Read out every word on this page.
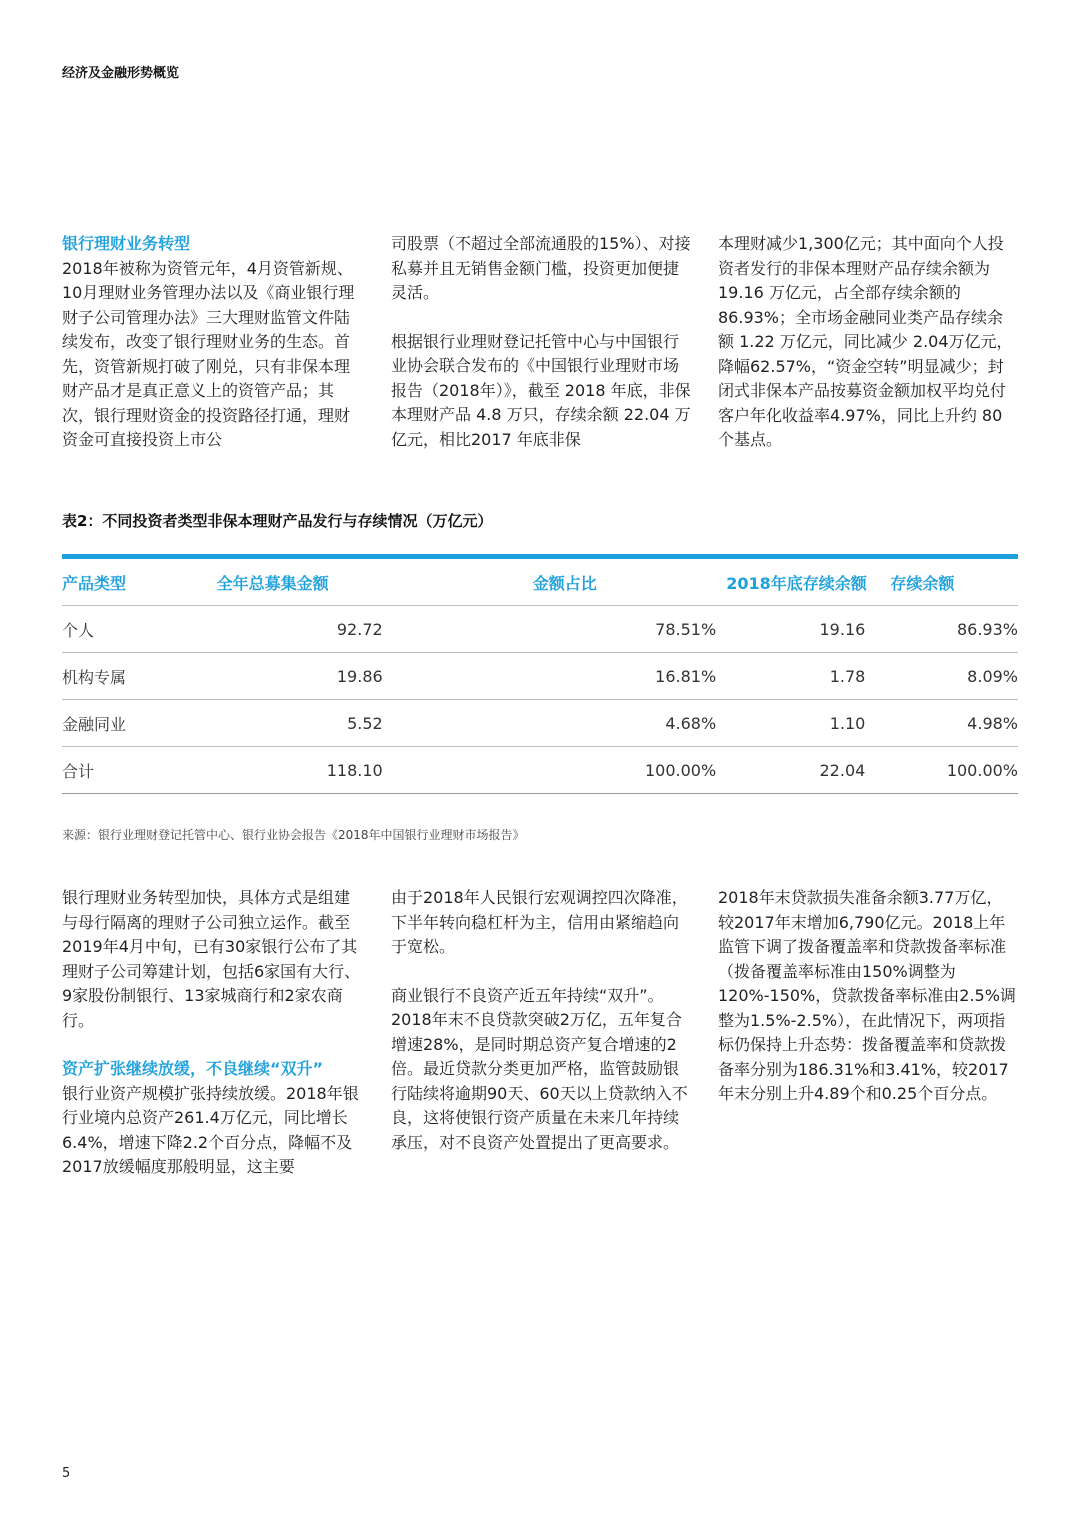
经济及金融形势概览
银行理财业务转型

2018年被称为资管元年，4月资管新规、10月理财业务管理办法以及《商业银行理财子公司管理办法》三大理财监管文件陆续发布，改变了银行理财业务的生态。首先，资管新规打破了刚兑，只有非保本理财产品才是真正意义上的资管产品；其次，银行理财资金的投资路径打通，理财资金可直接投资上市公

司股票（不超过全部流通股的15%）、对接私募并且无销售金额门槛，投资更加便捷灵活。

根据银行业理财登记托管中心与中国银行业协会联合发布的《中国银行业理财市场报告（2018年）》，截至 2018 年底，非保本理财产品 4.8 万只，存续余额 22.04 万亿元，相比2017 年底非保

本理财减少1,300亿元；其中面向个人投资者发行的非保本理财产品存续余额为19.16 万亿元，占全部存续余额的86.93%；全市场金融同业类产品存续余额 1.22 万亿元，同比减少 2.04万亿元，降幅62.57%，“资金空转”明显减少；封闭式非保本产品按募资金额加权平均兑付客户年化收益率4.97%，同比上升约 80 个基点。

表2：不同投资者类型非保本理财产品发行与存续情况（万亿元）
产品类型	全年总募集金额	金额占比	2018年底存续余额	存续余额
个人	92.72	78.51%	19.16	86.93%
机构专属	19.86	16.81%	1.78	8.09%
金融同业	5.52	4.68%	1.10	4.98%
合计	118.10	100.00%	22.04	100.00%
来源：银行业理财登记托管中心、银行业协会报告《2018年中国银行业理财市场报告》

银行理财业务转型加快，具体方式是组建与母行隔离的理财子公司独立运作。截至2019年4月中旬，已有30家银行公布了其理财子公司筹建计划，包括6家国有大行、9家股份制银行、13家城商行和2家农商行。

资产扩张继续放缓，不良继续“双升”

银行业资产规模扩张持续放缓。2018年银行业境内总资产261.4万亿元，同比增长6.4%，增速下降2.2个百分点，降幅不及2017放缓幅度那般明显，这主要

由于2018年人民银行宏观调控四次降准，下半年转向稳杠杆为主，信用由紧缩趋向于宽松。

商业银行不良资产近五年持续“双升”。2018年末不良贷款突破2万亿，五年复合增速28%，是同时期总资产复合增速的2倍。最近贷款分类更加严格，监管鼓励银行陆续将逾期90天、60天以上贷款纳入不良，这将使银行资产质量在未来几年持续承压，对不良资产处置提出了更高要求。

2018年末贷款损失准备余额3.77万亿，较2017年末增加6,790亿元。2018上年监管下调了拨备覆盖率和贷款拨备率标准（拨备覆盖率标准由150%调整为120%-150%，贷款拨备率标准由2.5%调整为1.5%-2.5%），在此情况下，两项指标仍保持上升态势：拨备覆盖率和贷款拨备率分别为186.31%和3.41%，较2017年末分别上升4.89个和0.25个百分点。

5
